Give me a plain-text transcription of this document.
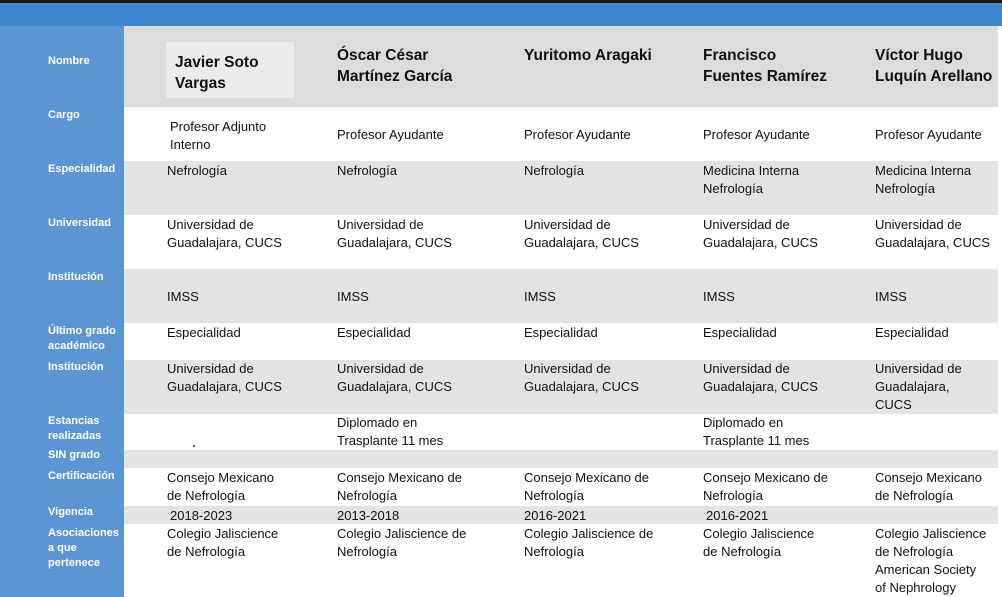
Nombre
Cargo
Especialidad
Universidad
Institución
Último grado
académico
Institución
Estancias
realizadas
SIN grado
Certificación
Vigencia
Asociaciones
a que
pertenece
Javier Soto
Vargas
Profesor Adjunto
Interno
Nefrología
Universidad de
Guadalajara, CUCS
IMSS
Especialidad
Universidad de
Guadalajara, CUCS
Consejo Mexicano
de Nefrología
2018-2023
Colegio Jaliscience
de Nefrología
Óscar César
Martínez García
Profesor Ayudante
Nefrología
Universidad de
Guadalajara, CUCS
IMSS
Especialidad
Universidad de
Guadalajara, CUCS
Diplomado en
Trasplante 11 mes
Consejo Mexicano de
Nefrología
2013-2018
Colegio Jaliscience de
Nefrología
Yuritomo Aragaki
Profesor Ayudante
Nefrología
Universidad de
Guadalajara, CUCS
IMSS
Especialidad
Universidad de
Guadalajara, CUCS
Consejo Mexicano de
Nefrología
2016-2021
Colegio Jaliscience de
Nefrología
Francisco
Fuentes Ramírez
Profesor Ayudante
Medicina Interna
Nefrología
Universidad de
Guadalajara, CUCS
IMSS
Especialidad
Universidad de
Guadalajara, CUCS
Diplomado en
Trasplante 11 mes
Consejo Mexicano de
Nefrología
2016-2021
Colegio Jaliscience
de Nefrología
Víctor Hugo
Luquín Arellano
Profesor Ayudante
Medicina Interna
Nefrología
Universidad de
Guadalajara, CUCS
IMSS
Especialidad
Universidad de
Guadalajara,
CUCS
Consejo Mexicano
de Nefrología
Colegio Jaliscience
de Nefrología
American Society
of Nephrology
